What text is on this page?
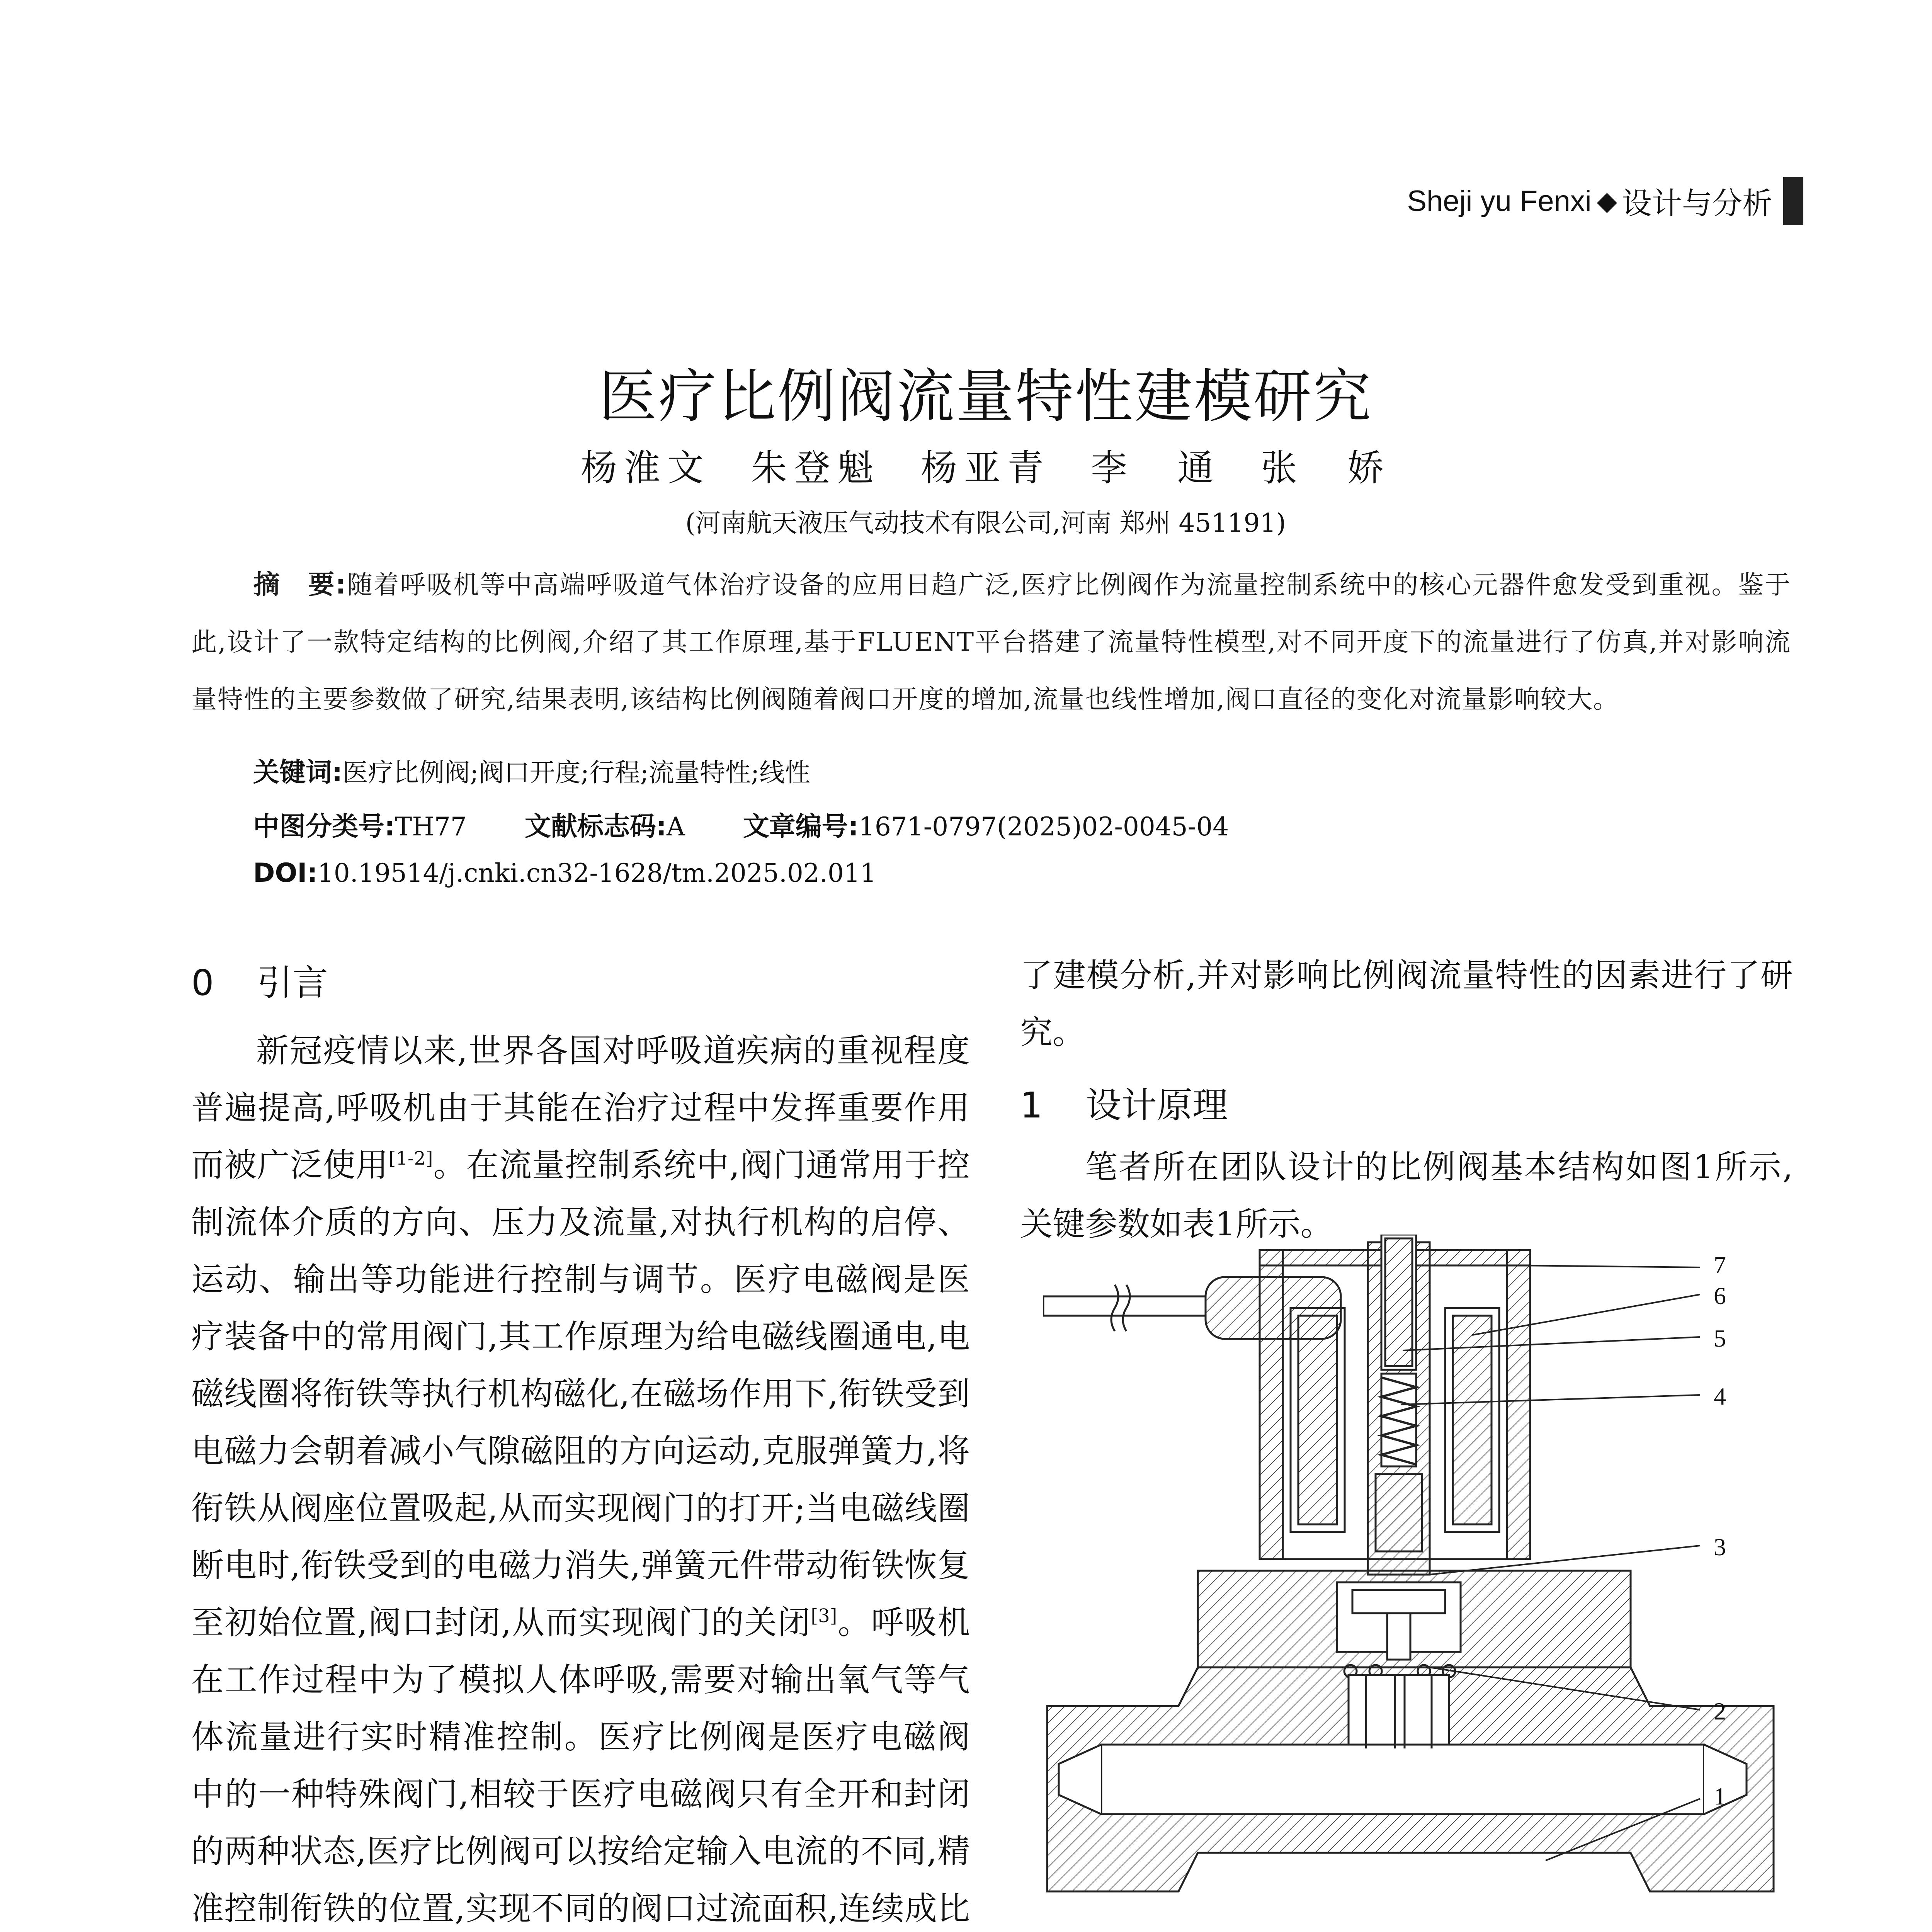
Sheji yu Fenxi ◆ 设计与分析
医疗比例阀流量特性建模研究
杨淮文 朱登魁 杨亚青 李　通 张　娇
(河南航天液压气动技术有限公司,河南 郑州 451191)
摘　要:随着呼吸机等中高端呼吸道气体治疗设备的应用日趋广泛,医疗比例阀作为流量控制系统中的核心元器件愈发受到重视。鉴于此,设计了一款特定结构的比例阀,介绍了其工作原理,基于FLUENT平台搭建了流量特性模型,对不同开度下的流量进行了仿真,并对影响流量特性的主要参数做了研究,结果表明,该结构比例阀随着阀口开度的增加,流量也线性增加,阀口直径的变化对流量影响较大。
关键词:医疗比例阀;阀口开度;行程;流量特性;线性
中图分类号:TH77 文献标志码:A 文章编号:1671-0797(2025)02-0045-04
DOI:10.19514/j.cnki.cn32-1628/tm.2025.02.011
0 引言

新冠疫情以来,世界各国对呼吸道疾病的重视程度普遍提高,呼吸机由于其能在治疗过程中发挥重要作用而被广泛使用[1-2]。在流量控制系统中,阀门通常用于控制流体介质的方向、压力及流量,对执行机构的启停、运动、输出等功能进行控制与调节。医疗电磁阀是医疗装备中的常用阀门,其工作原理为给电磁线圈通电,电磁线圈将衔铁等执行机构磁化,在磁场作用下,衔铁受到电磁力会朝着减小气隙磁阻的方向运动,克服弹簧力,将衔铁从阀座位置吸起,从而实现阀门的打开;当电磁线圈断电时,衔铁受到的电磁力消失,弹簧元件带动衔铁恢复至初始位置,阀口封闭,从而实现阀门的关闭[3]。呼吸机在工作过程中为了模拟人体呼吸,需要对输出氧气等气体流量进行实时精准控制。医疗比例阀是医疗电磁阀中的一种特殊阀门,相较于医疗电磁阀只有全开和封闭的两种状态,医疗比例阀可以按给定输入电流的不同,精准控制衔铁的位置,实现不同的阀口过流面积,连续成比

了建模分析,并对影响比例阀流量特性的因素进行了研究。

1 设计原理

笔者所在团队设计的比例阀基本结构如图1所示,关键参数如表1所示。

7
6
5
4
3
2
1
